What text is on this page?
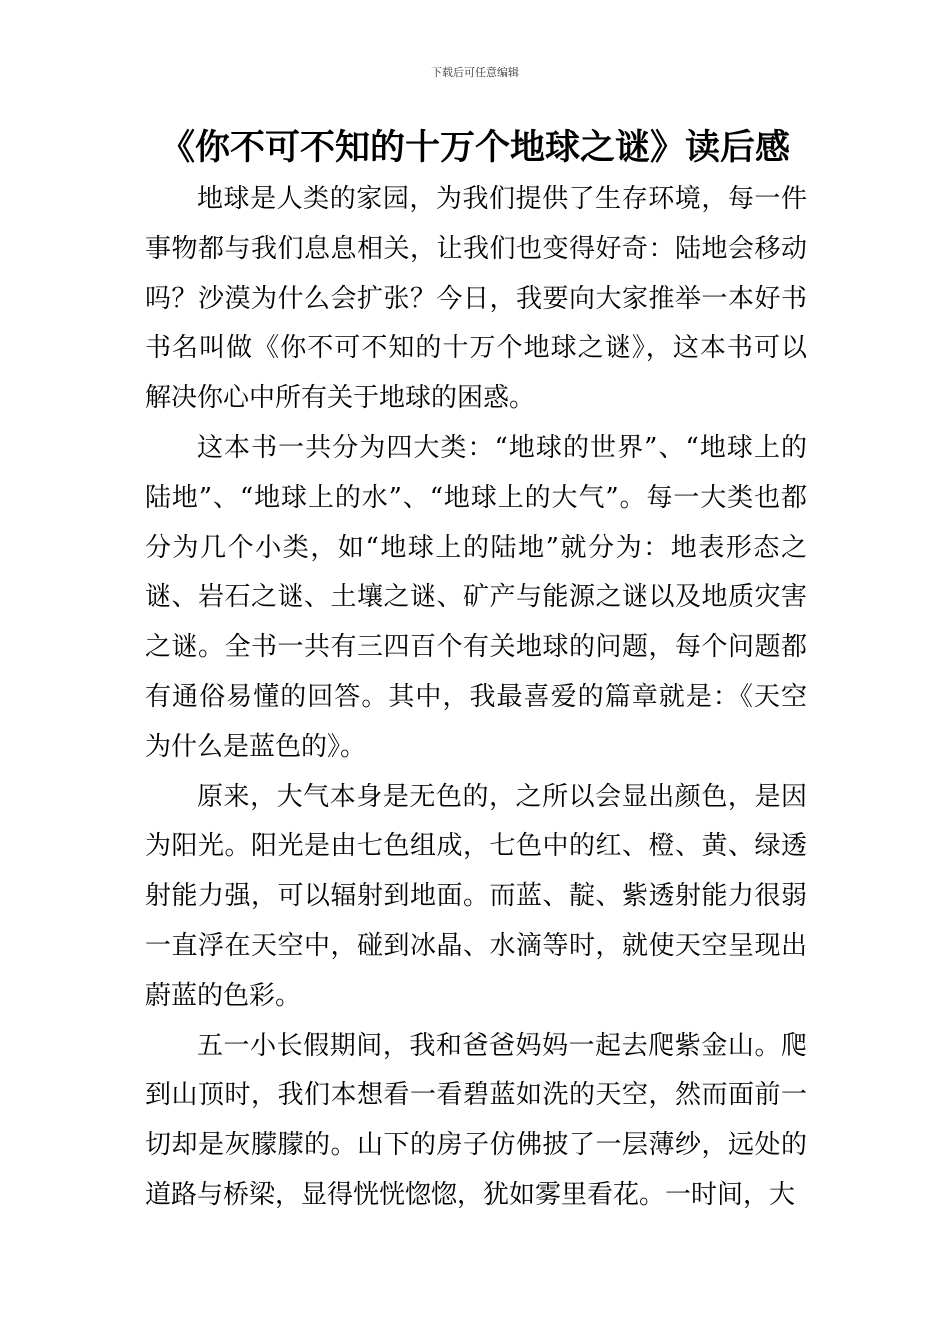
下载后可任意编辑
《你不可不知的十万个地球之谜》读后感

地球是人类的家园，为我们提供了生存环境，每一件事物都与我们息息相关，让我们也变得好奇：陆地会移动吗？沙漠为什么会扩张？今日，我要向大家推举一本好书书名叫做《你不可不知的十万个地球之谜》，这本书可以解决你心中所有关于地球的困惑。

这本书一共分为四大类：“地球的世界”、“地球上的陆地”、“地球上的水”、“地球上的大气”。每一大类也都分为几个小类，如“地球上的陆地”就分为：地表形态之谜、岩石之谜、土壤之谜、矿产与能源之谜以及地质灾害之谜。全书一共有三四百个有关地球的问题，每个问题都有通俗易懂的回答。其中，我最喜爱的篇章就是：《天空为什么是蓝色的》。

原来，大气本身是无色的，之所以会显出颜色，是因为阳光。阳光是由七色组成，七色中的红、橙、黄、绿透射能力强，可以辐射到地面。而蓝、靛、紫透射能力很弱一直浮在天空中，碰到冰晶、水滴等时，就使天空呈现出蔚蓝的色彩。

五一小长假期间，我和爸爸妈妈一起去爬紫金山。爬到山顶时，我们本想看一看碧蓝如洗的天空，然而面前一切却是灰朦朦的。山下的房子仿佛披了一层薄纱，远处的道路与桥梁，显得恍恍惚惚，犹如雾里看花。一时间，大
